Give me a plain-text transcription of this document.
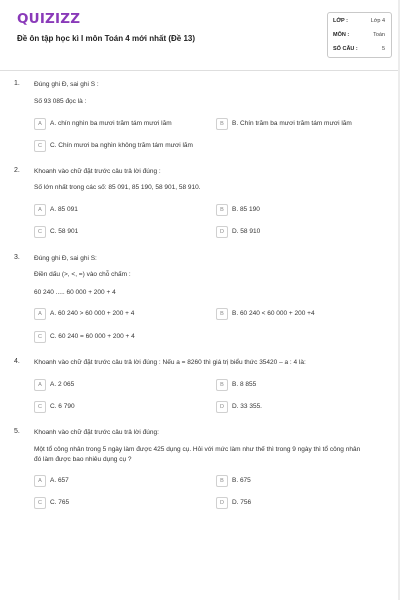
QUIZIZZ
Đề ôn tập học kì I môn Toán 4 mới nhất (Đề 13)
LỚP :	Lớp 4
MÔN :	Toán
SỐ CÂU :	5
1. Đúng ghi Đ, sai ghi S :
Số 93 085 đọc là :
A	A. chín nghìn ba mươi trăm tám mươi lăm	B	B. Chín trăm ba mươi trăm tám mươi lăm
C	C. Chín mươi ba nghìn không trăm tám mươi lăm
2. Khoanh vào chữ đặt trước câu trả lời đúng :
Số lớn nhất trong các số: 85 091, 85 190, 58 901, 58 910.
A	A. 85 091	B	B. 85 190
C	C. 58 901	D	D. 58 910
3. Đúng ghi Đ, sai ghi S:
Điền dấu (>, <, =) vào chỗ chấm :
60 240 ..... 60 000 + 200 + 4
A	A. 60 240 > 60 000 + 200 + 4	B	B. 60 240 < 60 000 + 200 +4
C	C. 60 240 = 60 000 + 200 + 4
4. Khoanh vào chữ đặt trước câu trả lời đúng : Nếu a = 8260 thì giá trị biểu thức 35420 – a : 4 là:
A	A. 2 065	B	B. 8 855
C	C. 6 790	D	D. 33 355.
5. Khoanh vào chữ đặt trước câu trả lời đúng:
Một tổ công nhân trong 5 ngày làm được 425 dụng cụ. Hỏi với mức làm như thế thì trong 9 ngày thì tổ công nhân
đó làm được bao nhiêu dụng cụ ?
A	A. 657	B	B. 675
C	C. 765	D	D. 756
